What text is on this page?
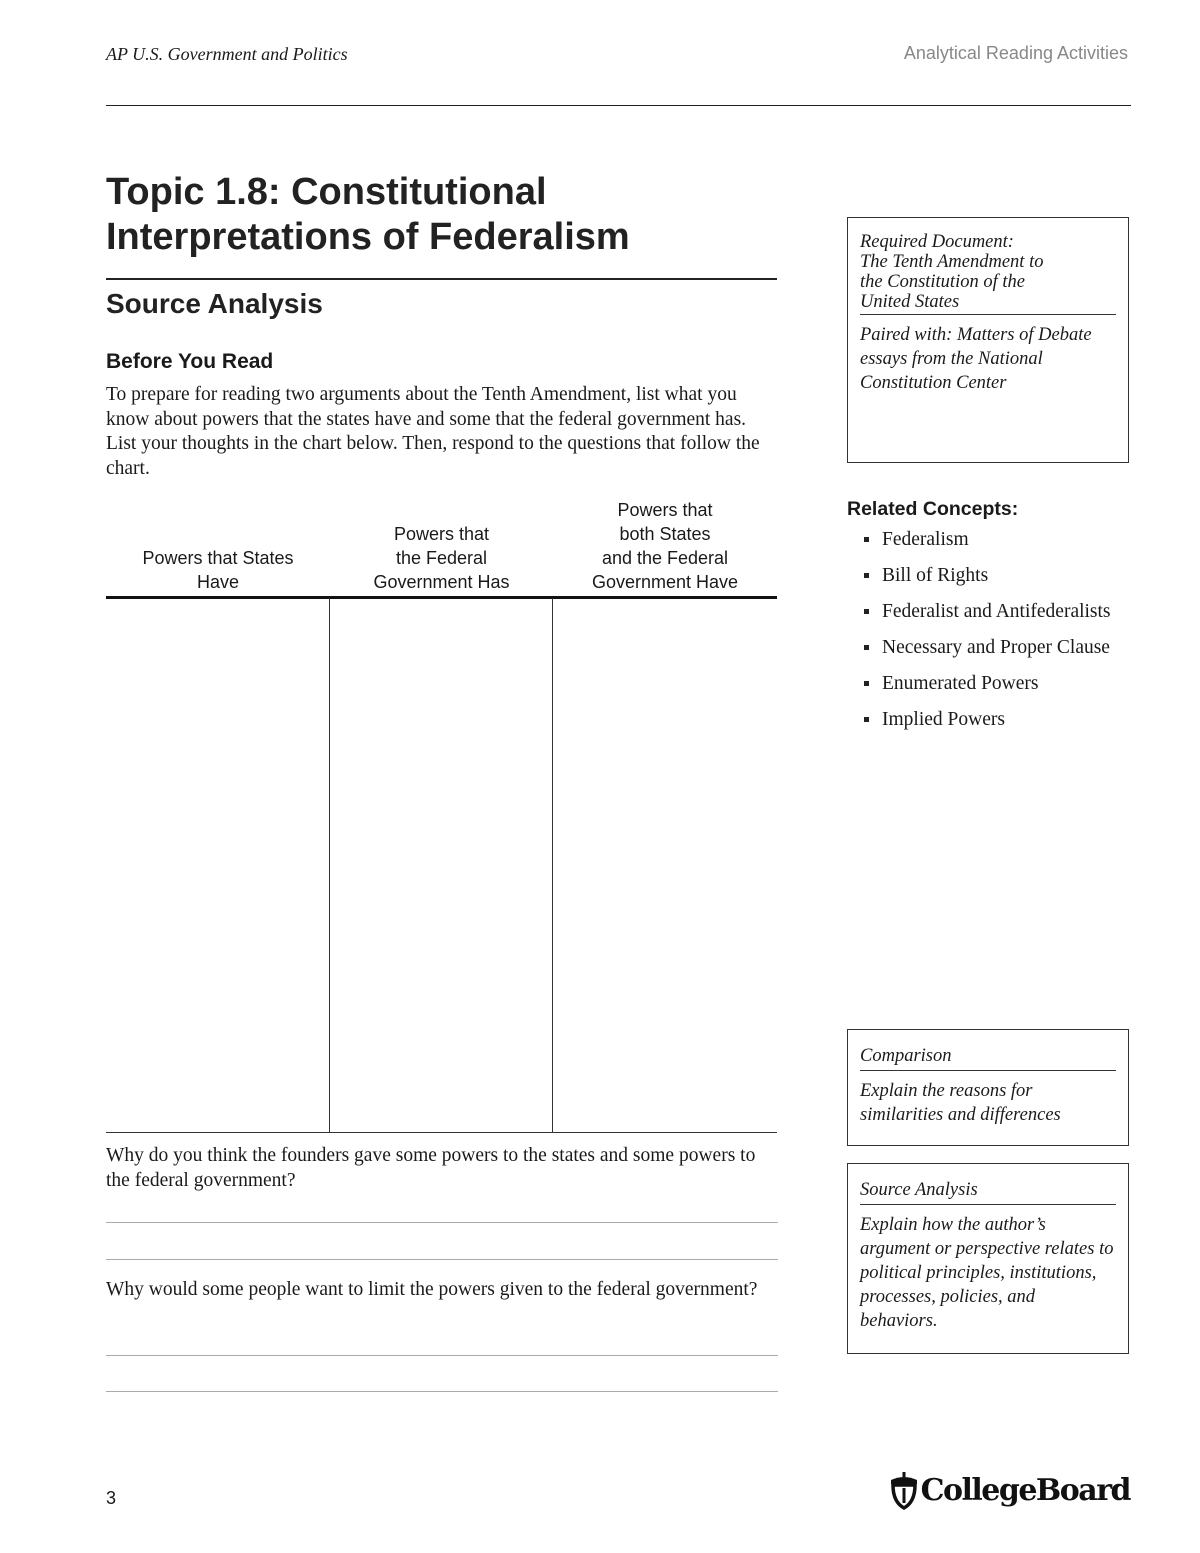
AP U.S. Government and Politics	Analytical Reading Activities
Topic 1.8: Constitutional
Interpretations of Federalism
Source Analysis
Before You Read

To prepare for reading two arguments about the Tenth Amendment, list what you know about powers that the states have and some that the federal government has. List your thoughts in the chart below. Then, respond to the questions that follow the chart.

Powers that States
Have
Powers that
the Federal
Government Has
Powers that
both States
and the Federal
Government Have

Why do you think the founders gave some powers to the states and some powers to the federal government?

Why would some people want to limit the powers given to the federal government?

Required Document:
The Tenth Amendment to
the Constitution of the
United States
Paired with: Matters of Debate essays from the National Constitution Center
Related Concepts:
Federalism
Bill of Rights
Federalist and Antifederalists
Necessary and Proper Clause
Enumerated Powers
Implied Powers
Comparison
Explain the reasons for similarities and differences
Source Analysis
Explain how the author’s argument or perspective relates to political principles, institutions, processes, policies, and behaviors.
3	CollegeBoard
